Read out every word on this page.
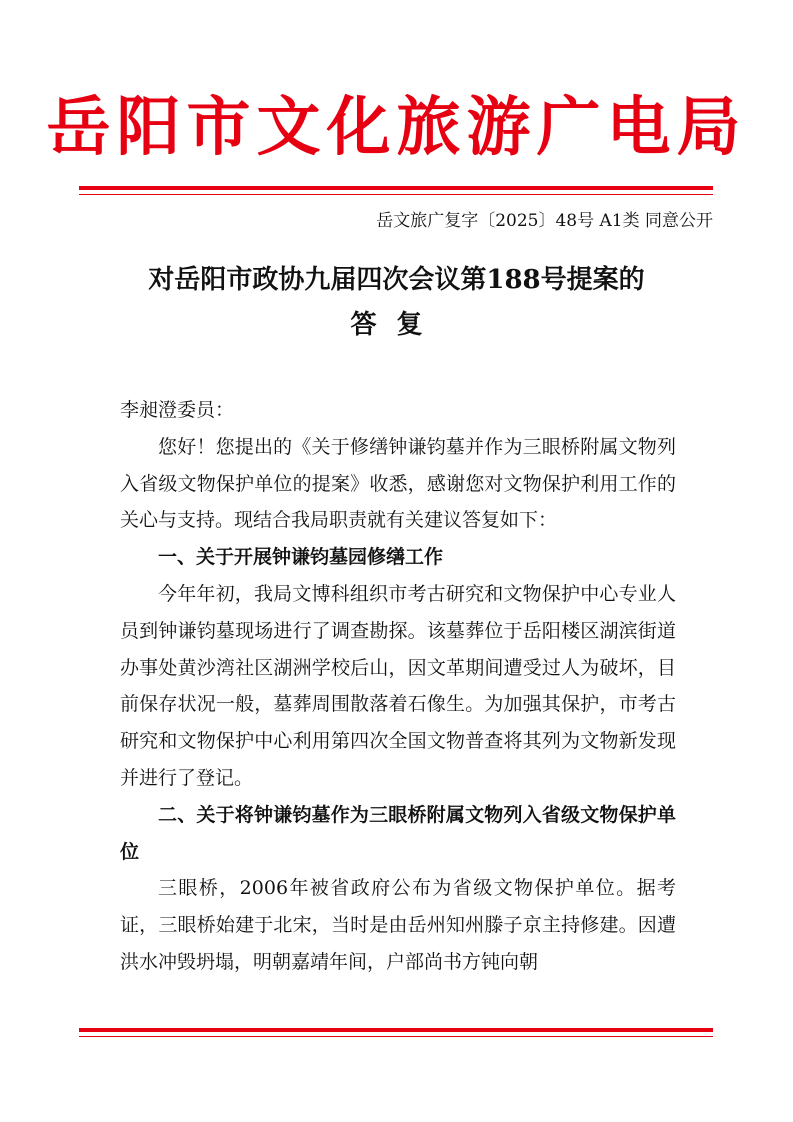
岳阳市文化旅游广电局
岳文旅广复字〔2025〕48号 A1类 同意公开
对岳阳市政协九届四次会议第188号提案的
答复

李昶澄委员：

您好！您提出的《关于修缮钟谦钧墓并作为三眼桥附属文物列入省级文物保护单位的提案》收悉，感谢您对文物保护利用工作的关心与支持。现结合我局职责就有关建议答复如下：

一、关于开展钟谦钧墓园修缮工作

今年年初，我局文博科组织市考古研究和文物保护中心专业人员到钟谦钧墓现场进行了调查勘探。该墓葬位于岳阳楼区湖滨街道办事处黄沙湾社区湖洲学校后山，因文革期间遭受过人为破坏，目前保存状况一般，墓葬周围散落着石像生。为加强其保护，市考古研究和文物保护中心利用第四次全国文物普查将其列为文物新发现并进行了登记。

二、关于将钟谦钧墓作为三眼桥附属文物列入省级文物保护单位

三眼桥，2006年被省政府公布为省级文物保护单位。据考证，三眼桥始建于北宋，当时是由岳州知州滕子京主持修建。因遭洪水冲毁坍塌，明朝嘉靖年间，户部尚书方钝向朝
